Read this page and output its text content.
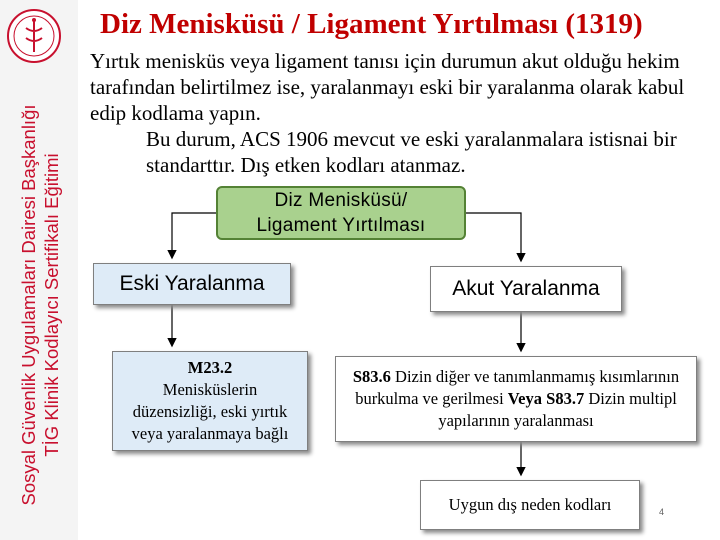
Sosyal Güvenlik Uygulamaları Dairesi Başkanlığı TİG Klinik Kodlayıcı Sertifikalı Eğitimi
Diz Menisküsü / Ligament Yırtılması (1319)

Yırtık menisküs veya ligament tanısı için durumun akut olduğu hekim tarafından belirtilmez ise, yaralanmayı eski bir yaralanma olarak kabul edip kodlama yapın.

Bu durum, ACS 1906 mevcut ve eski yaralanmalara istisnai bir standarttır. Dış etken kodları atanmaz.

Diz Menisküsü/
Ligament Yırtılması
Eski Yaralanma	Akut Yaralanma
M23.2
Menisküslerin
düzensizliği, eski yırtık
veya yaralanmaya bağlı
S83.6 Dizin diğer ve tanımlanmamış kısımlarının burkulma ve gerilmesi Veya S83.7 Dizin multipl yapılarının yaralanması
Uygun dış neden kodları	4
